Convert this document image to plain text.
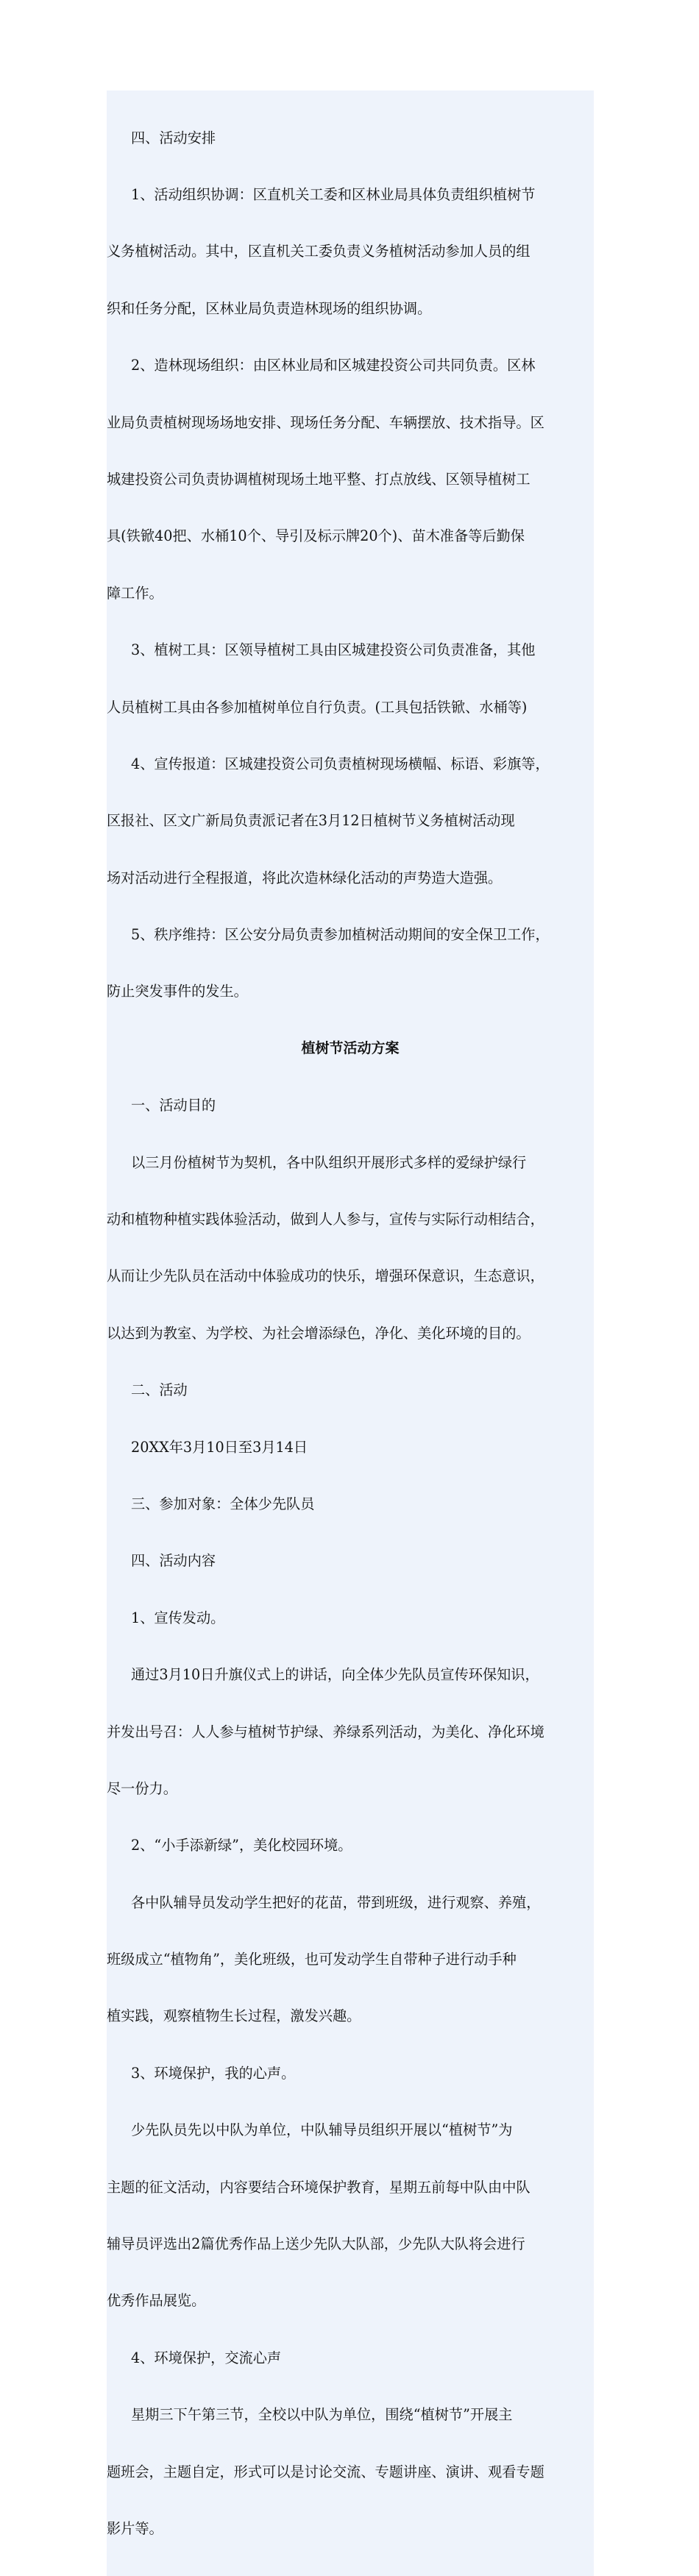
四、活动安排

1、活动组织协调：区直机关工委和区林业局具体负责组织植树节

义务植树活动。其中，区直机关工委负责义务植树活动参加人员的组

织和任务分配，区林业局负责造林现场的组织协调。

2、造林现场组织：由区林业局和区城建投资公司共同负责。区林

业局负责植树现场场地安排、现场任务分配、车辆摆放、技术指导。区

城建投资公司负责协调植树现场土地平整、打点放线、区领导植树工

具(铁锨40把、水桶10个、导引及标示牌20个)、苗木准备等后勤保

障工作。

3、植树工具：区领导植树工具由区城建投资公司负责准备，其他

人员植树工具由各参加植树单位自行负责。(工具包括铁锨、水桶等)

4、宣传报道：区城建投资公司负责植树现场横幅、标语、彩旗等，

区报社、区文广新局负责派记者在3月12日植树节义务植树活动现

场对活动进行全程报道，将此次造林绿化活动的声势造大造强。

5、秩序维持：区公安分局负责参加植树活动期间的安全保卫工作，

防止突发事件的发生。

植树节活动方案

一、活动目的

以三月份植树节为契机，各中队组织开展形式多样的爱绿护绿行

动和植物种植实践体验活动，做到人人参与，宣传与实际行动相结合，

从而让少先队员在活动中体验成功的快乐，增强环保意识，生态意识，

以达到为教室、为学校、为社会增添绿色，净化、美化环境的目的。

二、活动

20XX年3月10日至3月14日

三、参加对象：全体少先队员

四、活动内容

1、宣传发动。

通过3月10日升旗仪式上的讲话，向全体少先队员宣传环保知识，

并发出号召：人人参与植树节护绿、养绿系列活动，为美化、净化环境

尽一份力。

2、“小手添新绿”，美化校园环境。

各中队辅导员发动学生把好的花苗，带到班级，进行观察、养殖，

班级成立“植物角”，美化班级，也可发动学生自带种子进行动手种

植实践，观察植物生长过程，激发兴趣。

3、环境保护，我的心声。

少先队员先以中队为单位，中队辅导员组织开展以“植树节”为

主题的征文活动，内容要结合环境保护教育，星期五前每中队由中队

辅导员评选出2篇优秀作品上送少先队大队部，少先队大队将会进行

优秀作品展览。

4、环境保护，交流心声

星期三下午第三节，全校以中队为单位，围绕“植树节”开展主

题班会，主题自定，形式可以是讨论交流、专题讲座、演讲、观看专题

影片等。
